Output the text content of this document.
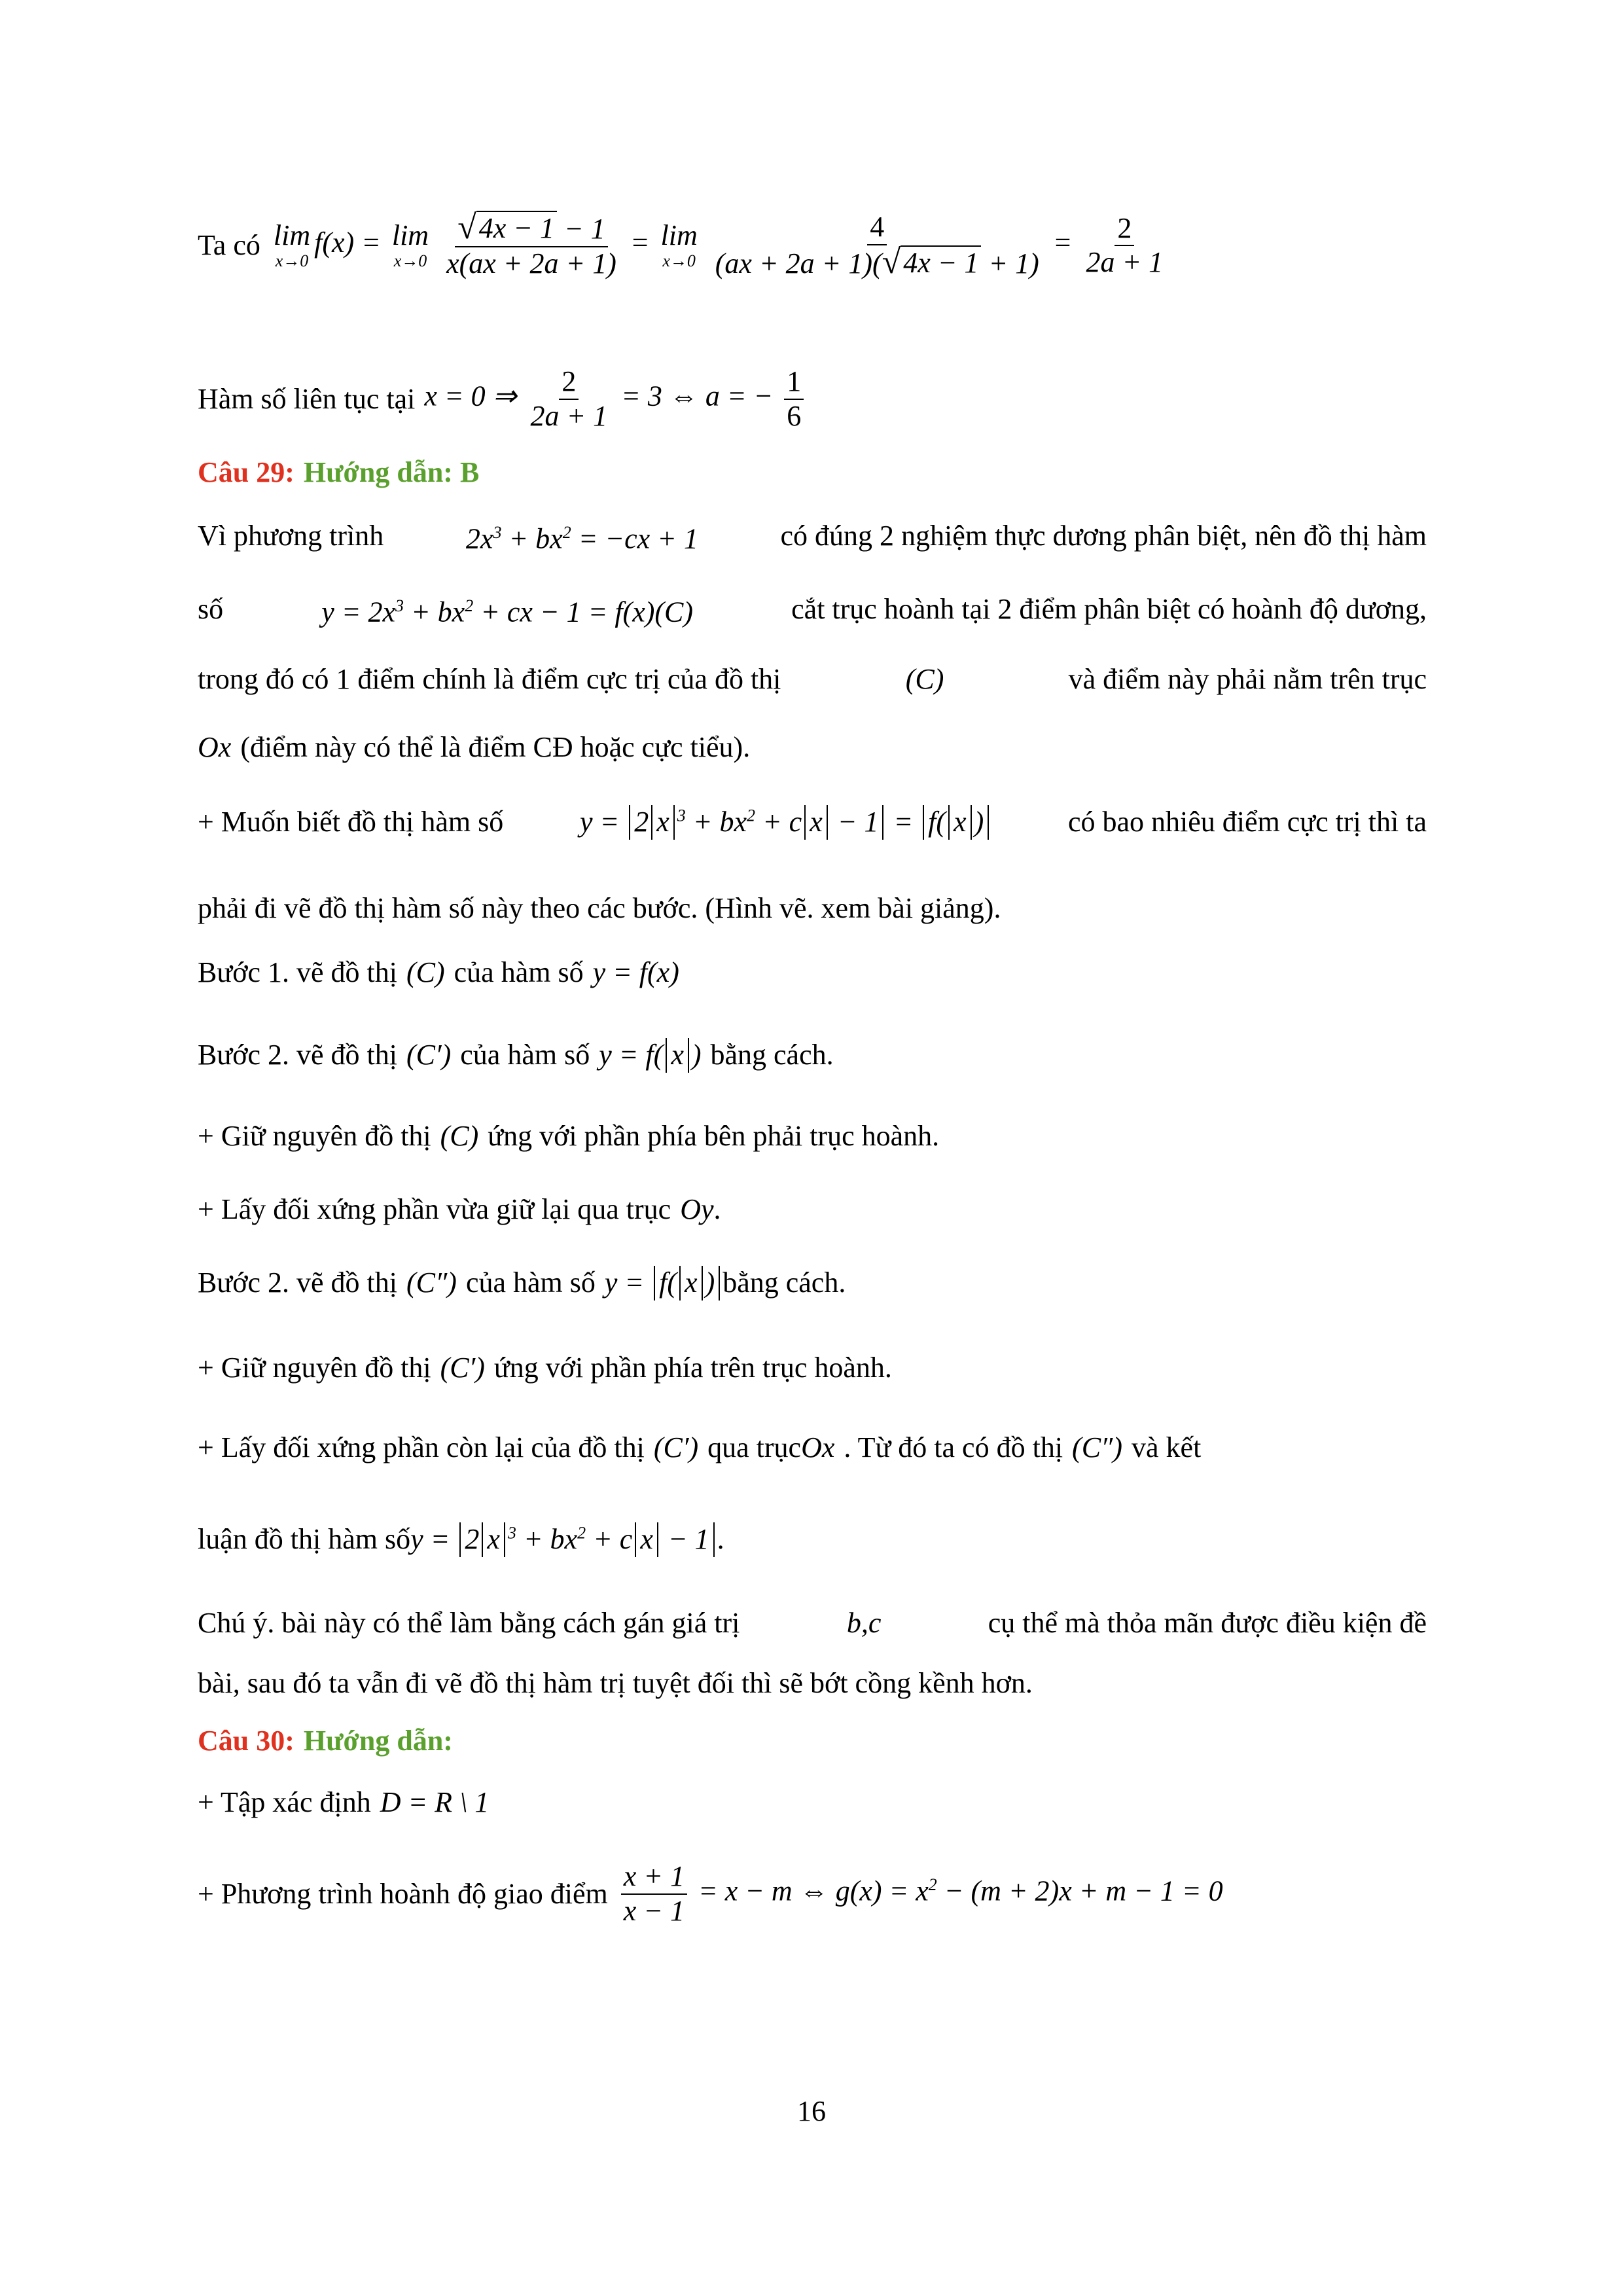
Ta có lim
x→0
f(x) = lim
x→0
$\frac{√ 4x - 1 - 1}{x(ax + 2a + 1)} = \lim$
x→0
$\frac{4}{(ax + 2a + 1)( √ 4x - 1 + 1)} = \frac{2}{2a + 1}$
Hàm số liên tục tại x = 0 ⇒ $\frac{2}{2a + 1} = 3$ ⇔ a = − $\frac{1}{6}$
Câu 29: Hướng dẫn: B
Vì phương trình	$2x^3 + bx^2 = -cx + 1$	có đúng 2 nghiệm thực dương phân biệt, nên đồ thị hàm
số	$y = 2x^3 + bx^2$ + cx − 1 = f(x)(C)	cắt trục hoành tại 2 điểm phân biệt có hoành độ dương,
trong đó có 1 điểm chính là điểm cực trị của đồ thị	(C)	và điểm này phải nằm trên trục
Ox (điểm này có thể là điểm CĐ hoặc cực tiểu).
+ Muốn biết đồ thị hàm số	y = 2 x $^3 + bx^2 + c$ x − 1 = f( x )	có bao nhiêu điểm cực trị thì ta
phải đi vẽ đồ thị hàm số này theo các bước. (Hình vẽ. xem bài giảng).
Bước 1. vẽ đồ thị (C) của hàm số y = f(x)
Bước 2. vẽ đồ thị (C′) của hàm số y = f( x ) bằng cách.
+ Giữ nguyên đồ thị (C) ứng với phần phía bên phải trục hoành.
+ Lấy đối xứng phần vừa giữ lại qua trục Oy .
Bước 2. vẽ đồ thị (C″) của hàm số y = f( x ) bằng cách.
+ Giữ nguyên đồ thị (C′) ứng với phần phía trên trục hoành.
+ Lấy đối xứng phần còn lại của đồ thị (C′) qua trục Ox . Từ đó ta có đồ thị (C″) và kết
luận đồ thị hàm số y = 2 x $^3 + bx^2 + c$ x − 1 .
Chú ý. bài này có thể làm bằng cách gán giá trị	b,c	cụ thể mà thỏa mãn được điều kiện đề
bài, sau đó ta vẫn đi vẽ đồ thị hàm trị tuyệt đối thì sẽ bớt cồng kềnh hơn.
Câu 30: Hướng dẫn:
+ Tập xác định D = R \ 1
+ Phương trình hoành độ giao điểm $\frac{x + 1}{x - 1} = x - m$ ⇔ $g(x) = x^2 - (m + 2)x + m - 1 = 0$
16
